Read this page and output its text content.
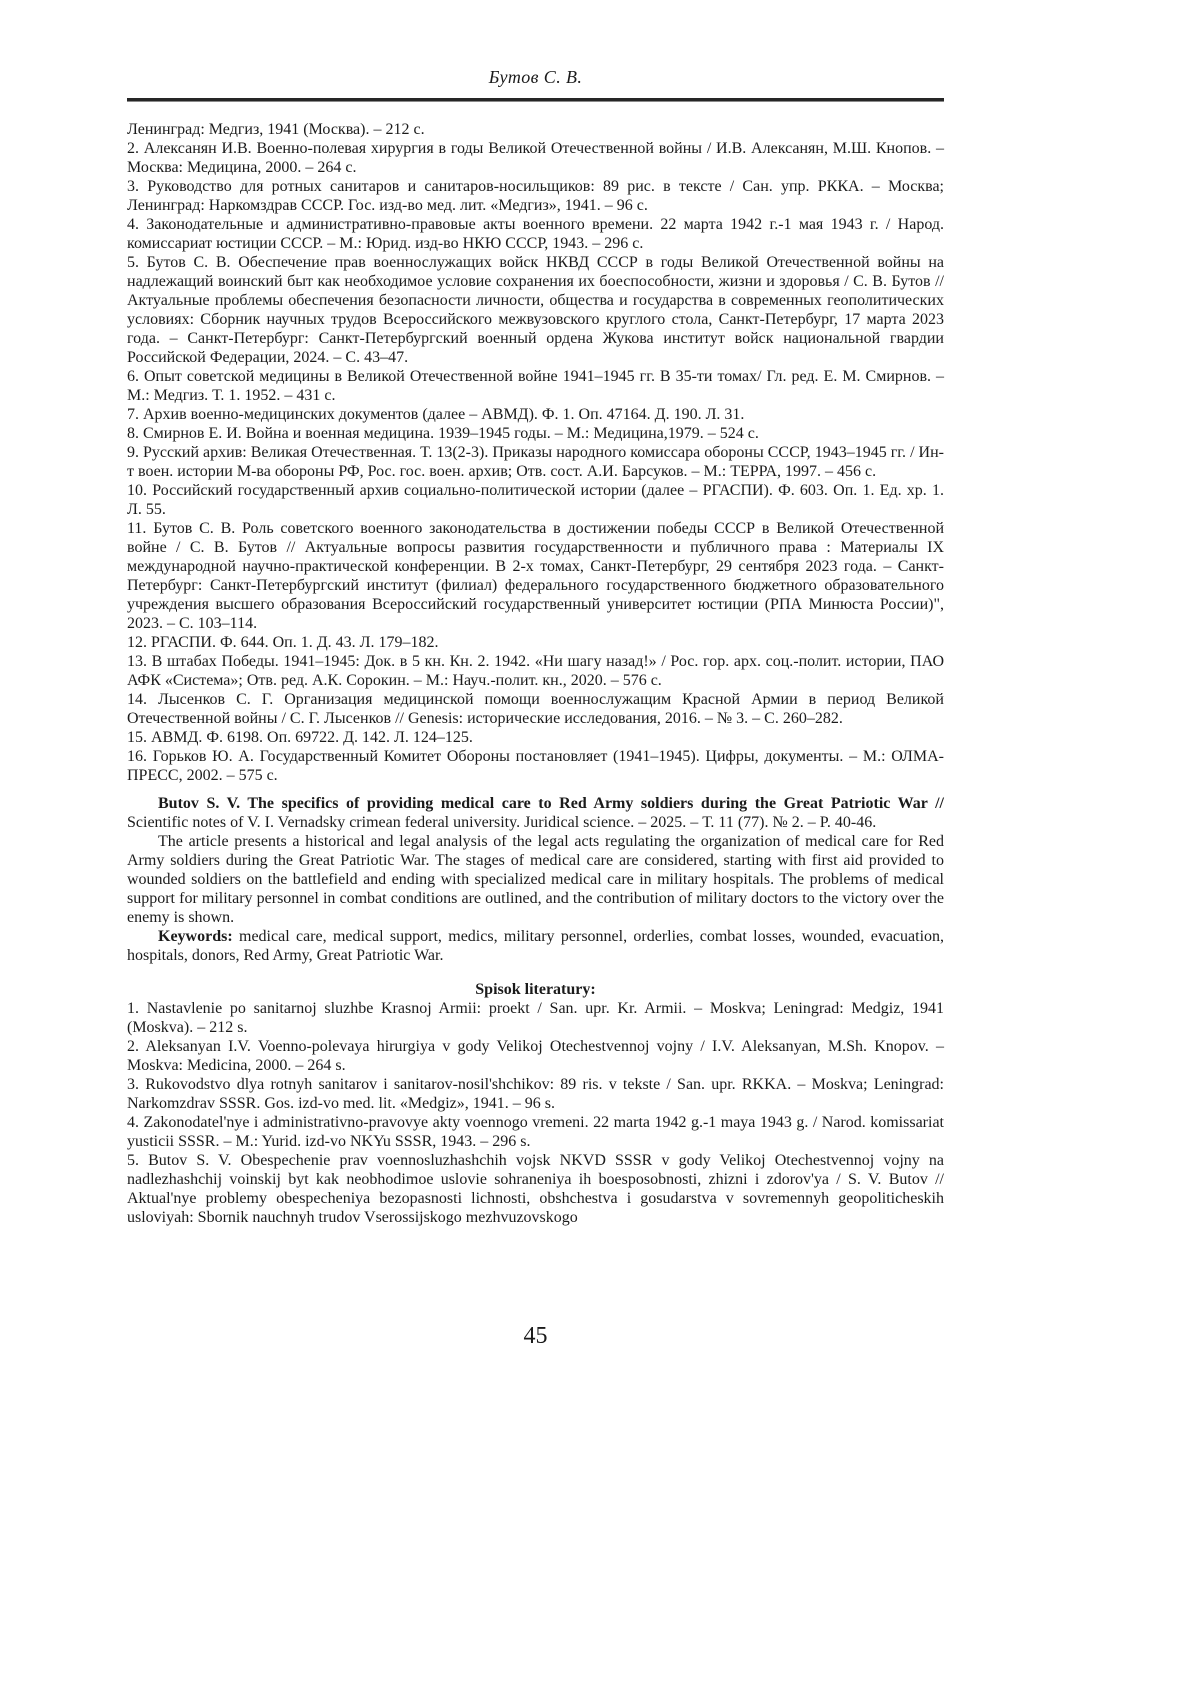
Бутов С. В.

Ленинград: Медгиз, 1941 (Москва). – 212 с.

2. Алексанян И.В. Военно-полевая хирургия в годы Великой Отечественной войны / И.В. Алексанян, М.Ш. Кнопов. – Москва: Медицина, 2000. – 264 с.

3. Руководство для ротных санитаров и санитаров-носильщиков: 89 рис. в тексте / Сан. упр. РККА. – Москва; Ленинград: Наркомздрав СССР. Гос. изд-во мед. лит. «Медгиз», 1941. – 96 с.

4. Законодательные и административно-правовые акты военного времени. 22 марта 1942 г.-1 мая 1943 г. / Народ. комиссариат юстиции СССР. – М.: Юрид. изд-во НКЮ СССР, 1943. – 296 с.

5. Бутов С. В. Обеспечение прав военнослужащих войск НКВД СССР в годы Великой Отечественной войны на надлежащий воинский быт как необходимое условие сохранения их боеспособности, жизни и здоровья / С. В. Бутов // Актуальные проблемы обеспечения безопасности личности, общества и государства в современных геополитических условиях: Сборник научных трудов Всероссийского межвузовского круглого стола, Санкт-Петербург, 17 марта 2023 года. – Санкт-Петербург: Санкт-Петербургский военный ордена Жукова институт войск национальной гвардии Российской Федерации, 2024. – С. 43–47.

6. Опыт советской медицины в Великой Отечественной войне 1941–1945 гг. В 35-ти томах/ Гл. ред. Е. М. Смирнов. – М.: Медгиз. Т. 1. 1952. – 431 с.

7. Архив военно-медицинских документов (далее – АВМД). Ф. 1. Оп. 47164. Д. 190. Л. 31.

8. Смирнов Е. И. Война и военная медицина. 1939–1945 годы. – М.: Медицина,1979. – 524 с.

9. Русский архив: Великая Отечественная. Т. 13(2-3). Приказы народного комиссара обороны СССР, 1943–1945 гг. / Ин-т воен. истории М-ва обороны РФ, Рос. гос. воен. архив; Отв. сост. А.И. Барсуков. – М.: ТЕРРА, 1997. – 456 с.

10. Российский государственный архив социально-политической истории (далее – РГАСПИ). Ф. 603. Оп. 1. Ед. хр. 1. Л. 55.

11. Бутов С. В. Роль советского военного законодательства в достижении победы СССР в Великой Отечественной войне / С. В. Бутов // Актуальные вопросы развития государственности и публичного права : Материалы IX международной научно-практической конференции. В 2-х томах, Санкт-Петербург, 29 сентября 2023 года. – Санкт-Петербург: Санкт-Петербургский институт (филиал) федерального государственного бюджетного образовательного учреждения высшего образования Всероссийский государственный университет юстиции (РПА Минюста России)", 2023. – С. 103–114.

12. РГАСПИ. Ф. 644. Оп. 1. Д. 43. Л. 179–182.

13. В штабах Победы. 1941–1945: Док. в 5 кн. Кн. 2. 1942. «Ни шагу назад!» / Рос. гор. арх. соц.-полит. истории, ПАО АФК «Система»; Отв. ред. А.К. Сорокин. – М.: Науч.-полит. кн., 2020. – 576 с.

14. Лысенков С. Г. Организация медицинской помощи военнослужащим Красной Армии в период Великой Отечественной войны / С. Г. Лысенков // Genesis: исторические исследования, 2016. – № 3. – С. 260–282.

15. АВМД. Ф. 6198. Оп. 69722. Д. 142. Л. 124–125.

16. Горьков Ю. А. Государственный Комитет Обороны постановляет (1941–1945). Цифры, документы. – М.: ОЛМА-ПРЕСС, 2002. – 575 с.

Butov S. V. The specifics of providing medical care to Red Army soldiers during the Great Patriotic War // Scientific notes of V. I. Vernadsky crimean federal university. Juridical science. – 2025. – Т. 11 (77). № 2. – P. 40-46.

The article presents a historical and legal analysis of the legal acts regulating the organization of medical care for Red Army soldiers during the Great Patriotic War. The stages of medical care are considered, starting with first aid provided to wounded soldiers on the battlefield and ending with specialized medical care in military hospitals. The problems of medical support for military personnel in combat conditions are outlined, and the contribution of military doctors to the victory over the enemy is shown.

Keywords: medical care, medical support, medics, military personnel, orderlies, combat losses, wounded, evacuation, hospitals, donors, Red Army, Great Patriotic War.

Spisok literatury:

1. Nastavlenie po sanitarnoj sluzhbe Krasnoj Armii: proekt / San. upr. Kr. Armii. – Moskva; Leningrad: Medgiz, 1941 (Moskva). – 212 s.

2. Aleksanyan I.V. Voenno-polevaya hirurgiya v gody Velikoj Otechestvennoj vojny / I.V. Aleksanyan, M.Sh. Knopov. – Moskva: Medicina, 2000. – 264 s.

3. Rukovodstvo dlya rotnyh sanitarov i sanitarov-nosil'shchikov: 89 ris. v tekste / San. upr. RKKA. – Moskva; Leningrad: Narkomzdrav SSSR. Gos. izd-vo med. lit. «Medgiz», 1941. – 96 s.

4. Zakonodatel'nye i administrativno-pravovye akty voennogo vremeni. 22 marta 1942 g.-1 maya 1943 g. / Narod. komissariat yusticii SSSR. – M.: Yurid. izd-vo NKYu SSSR, 1943. – 296 s.

5. Butov S. V. Obespechenie prav voennosluzhashchih vojsk NKVD SSSR v gody Velikoj Otechestvennoj vojny na nadlezhashchij voinskij byt kak neobhodimoe uslovie sohraneniya ih boesposobnosti, zhizni i zdorov'ya / S. V. Butov // Aktual'nye problemy obespecheniya bezopasnosti lichnosti, obshchestva i gosudarstva v sovremennyh geopoliticheskih usloviyah: Sbornik nauchnyh trudov Vserossijskogo mezhvuzovskogo

45
